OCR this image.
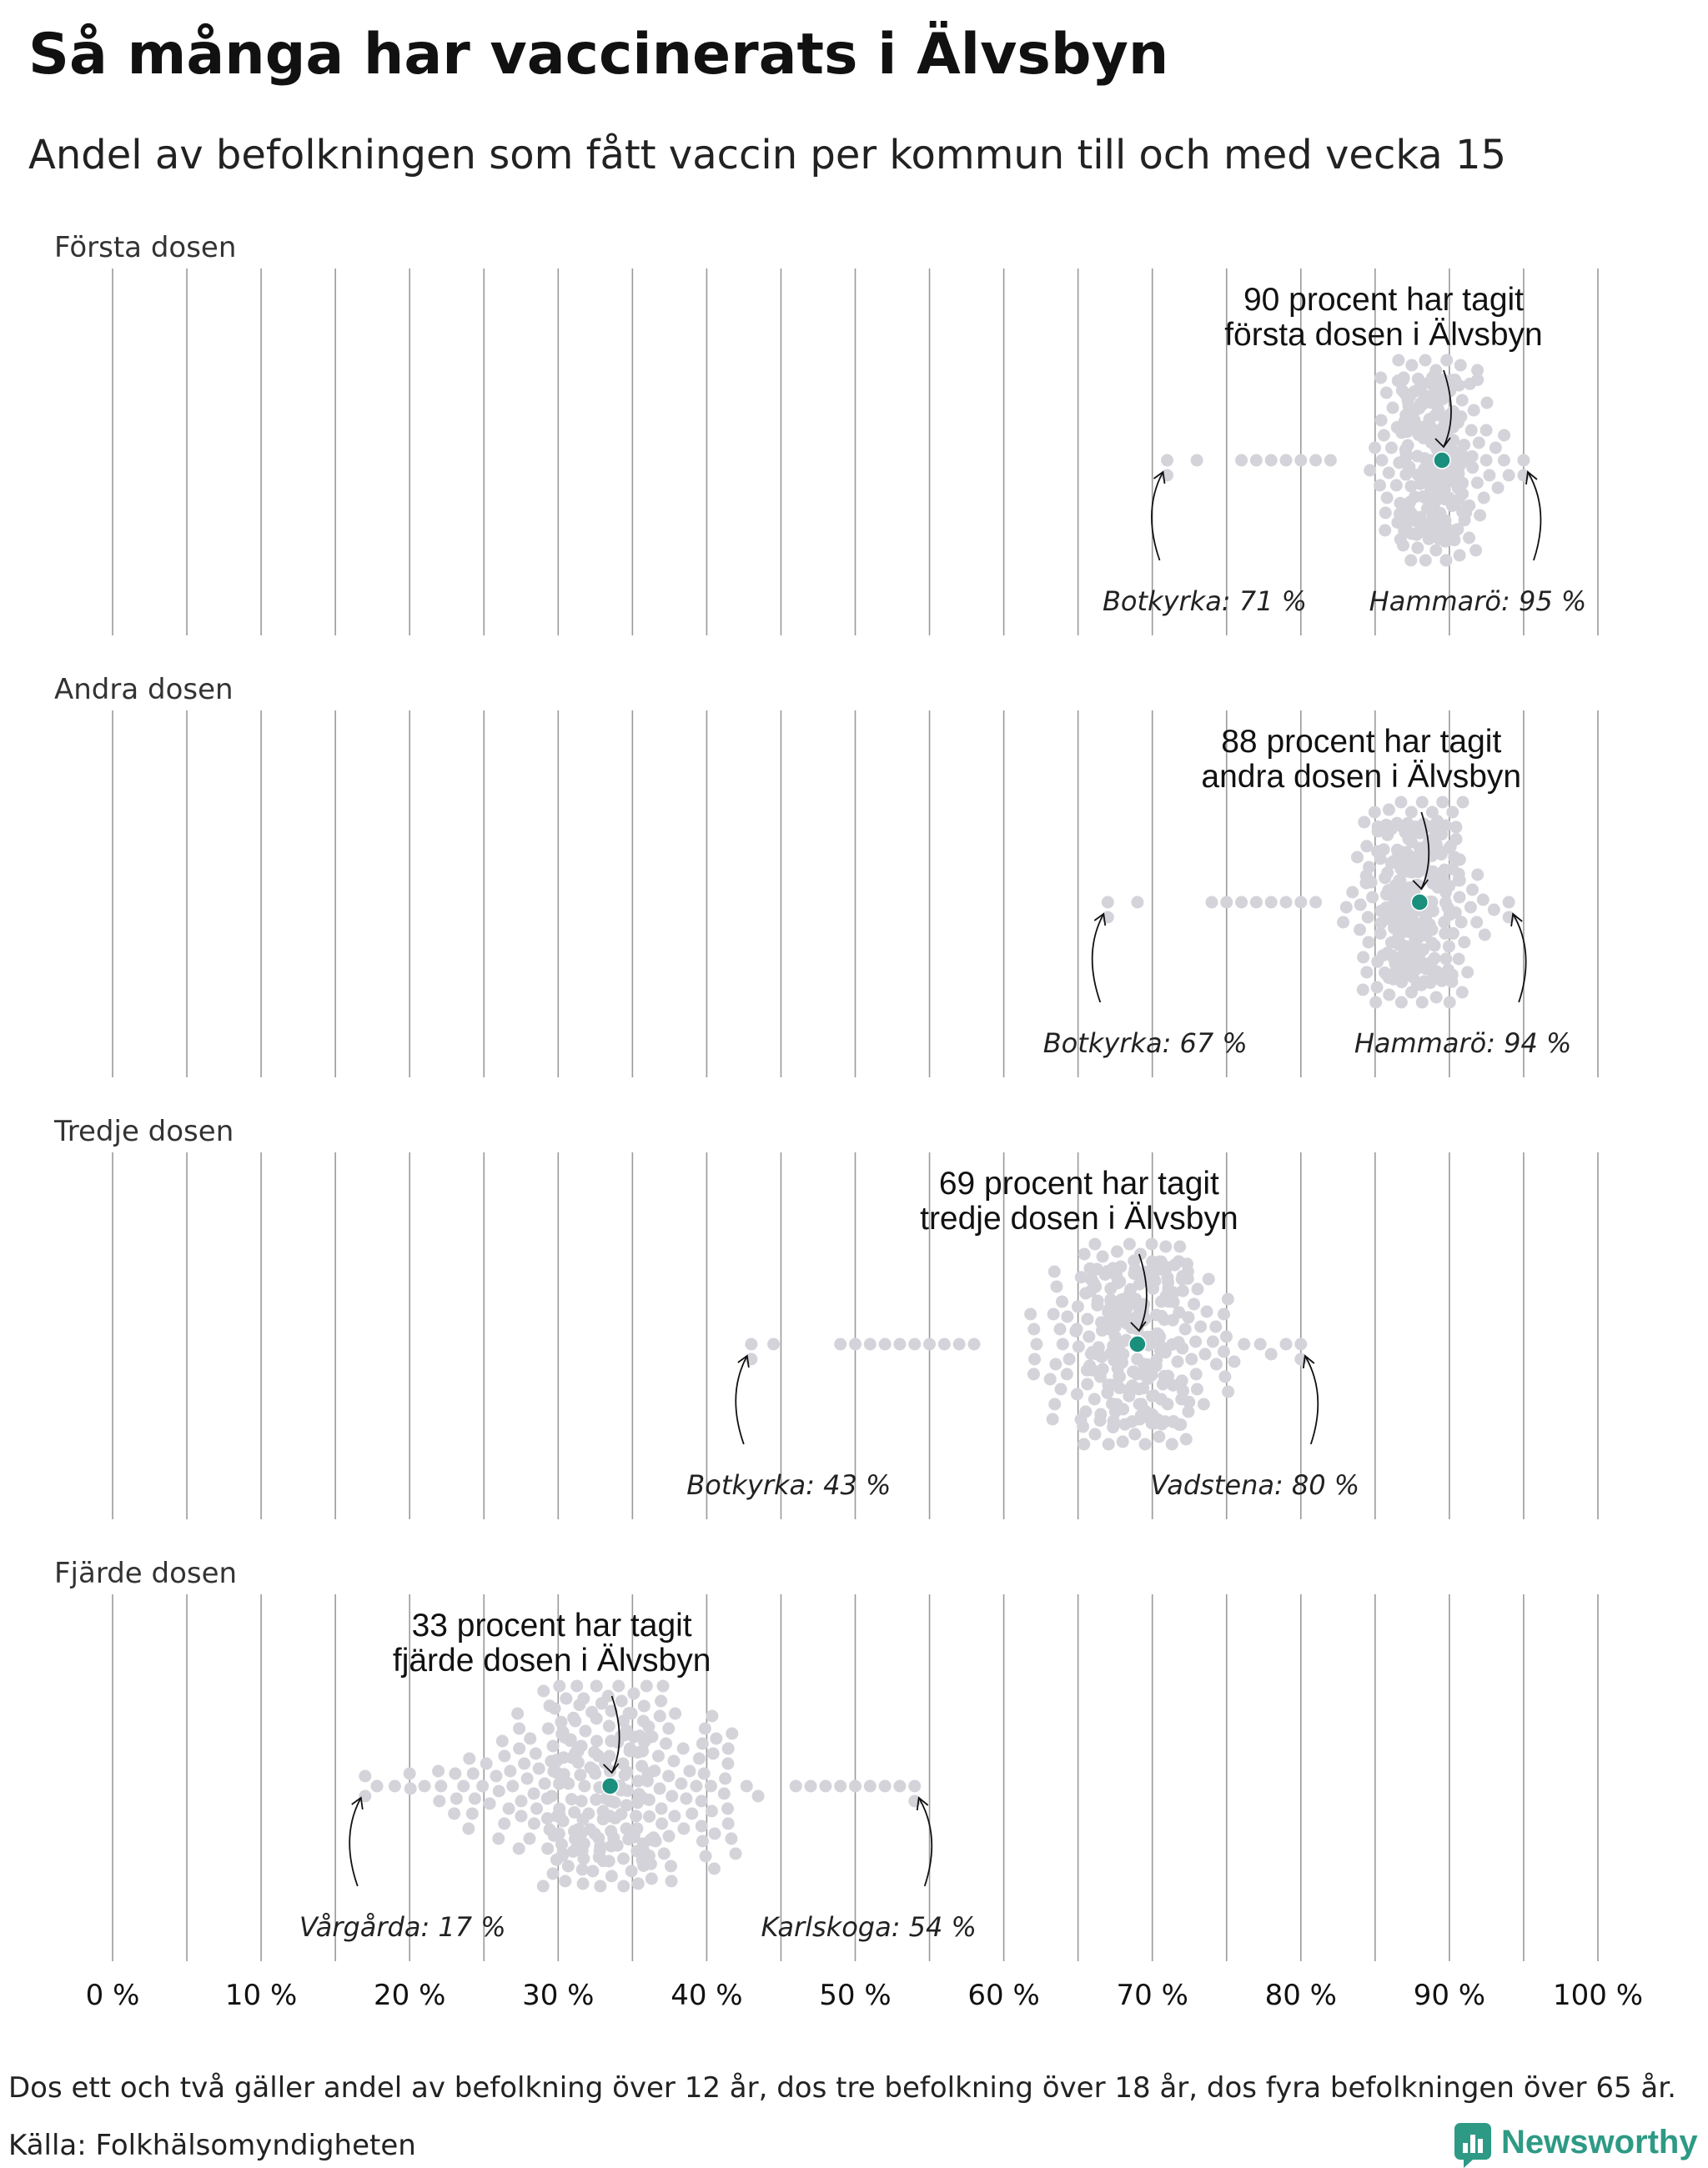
Så många har vaccinerats i Älvsbyn
Andel av befolkningen som fått vaccin per kommun till och med vecka 15
Första dosen
90 procent har tagit
första dosen i Älvsbyn
Botkyrka: 71 % Hammarö: 95 %
Andra dosen
88 procent har tagit
andra dosen i Älvsbyn
Botkyrka: 67 %	Hammarö: 94 %
Tredje dosen
69 procent har tagit
tredje dosen i Älvsbyn
Botkyrka: 43 %	Vadstena: 80 %
Fjärde dosen
33 procent har tagit
fjärde dosen i Älvsbyn
Vårgårda: 17 %	Karlskoga: 54 %
0 %	10 %	20 %	30 %	40 %	50 %	60 %	70 %	80 %	90 % 100 %
Dos ett och två gäller andel av befolkning över 12 år, dos tre befolkning över 18 år, dos fyra befolkningen över 65 år.
Källa: Folkhälsomyndigheten	Newsworthy
